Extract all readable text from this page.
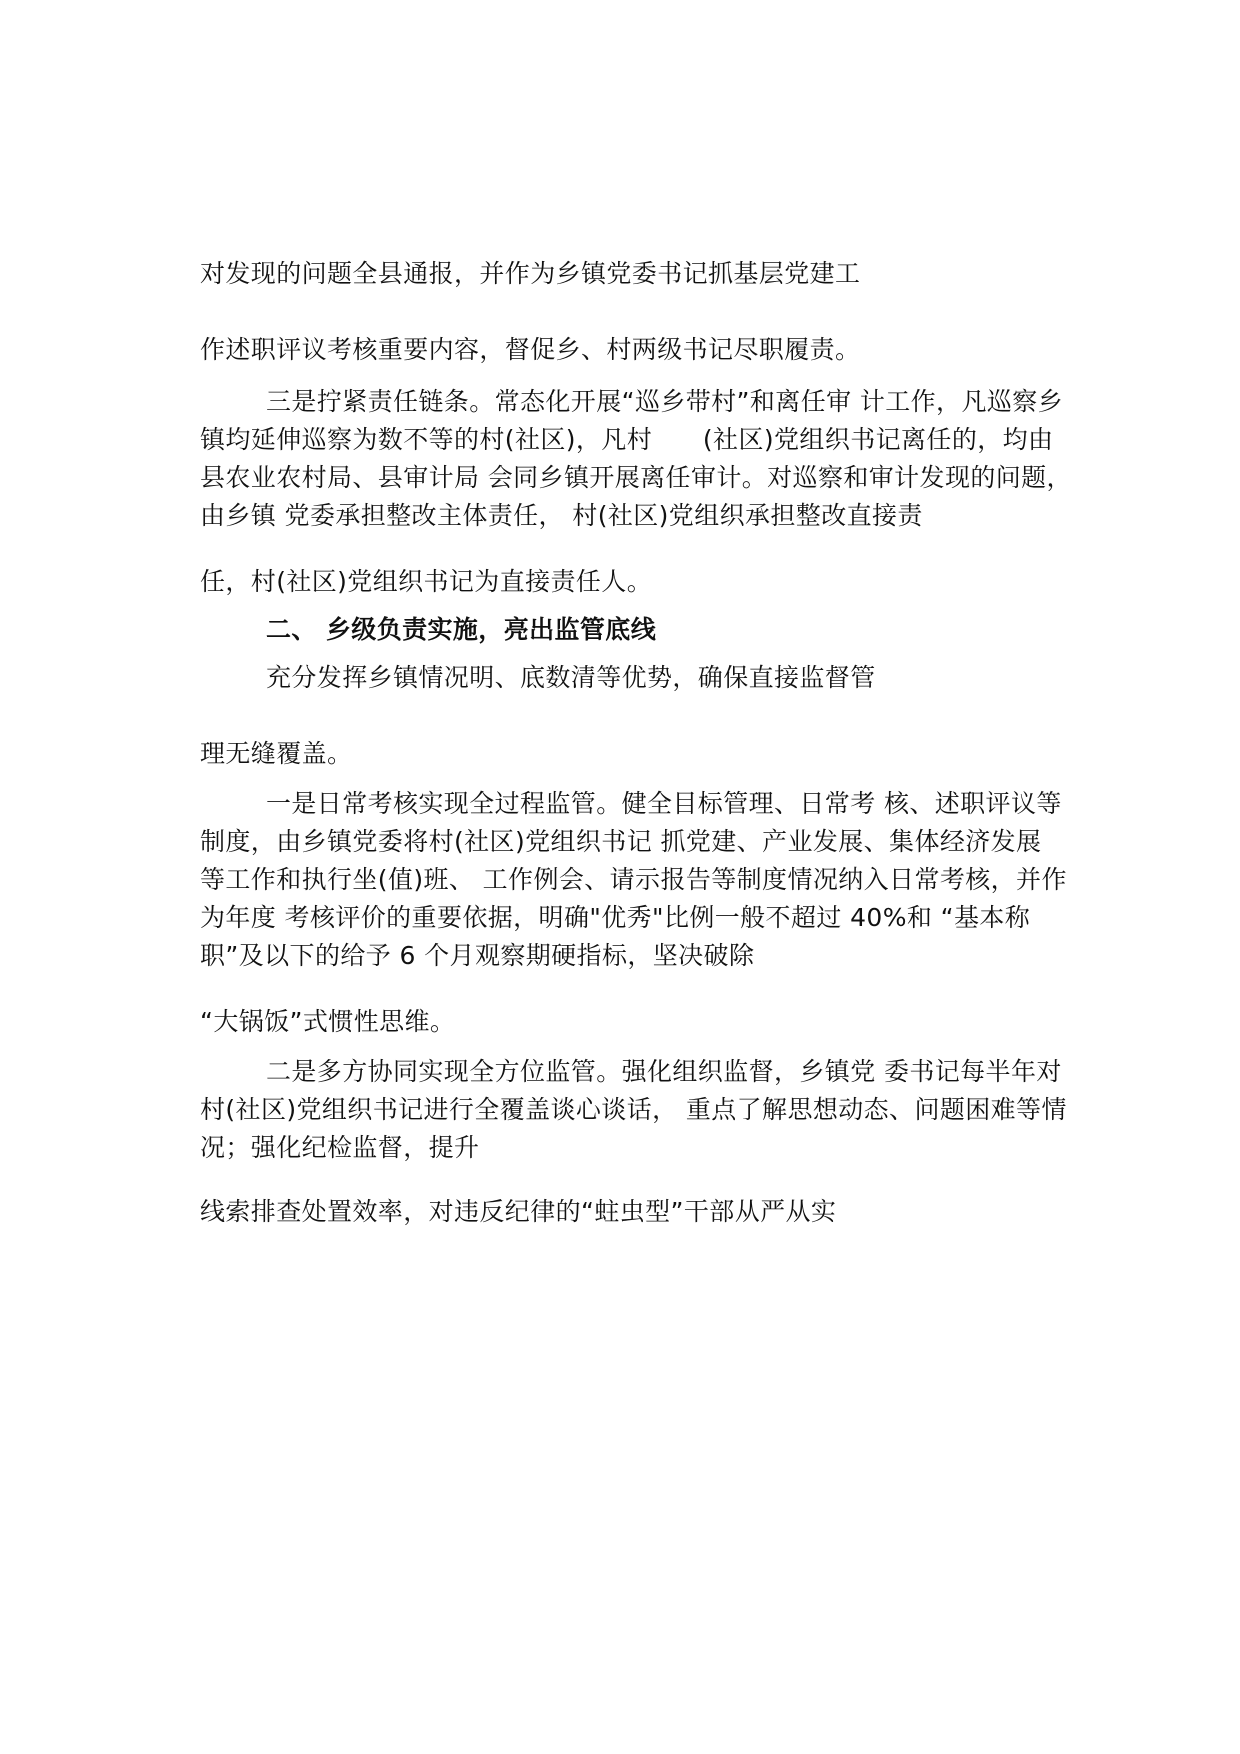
对发现的问题全县通报，并作为乡镇党委书记抓基层党建工

作述职评议考核重要内容，督促乡、村两级书记尽职履责。

三是拧紧责任链条。常态化开展“巡乡带村”和离任审 计工作，凡巡察乡

镇均延伸巡察为数不等的村(社区)，凡村　　(社区)党组织书记离任的，均由

县农业农村局、县审计局 会同乡镇开展离任审计。对巡察和审计发现的问题，

由乡镇 党委承担整改主体责任， 村(社区)党组织承担整改直接责

任，村(社区)党组织书记为直接责任人。

二、 乡级负责实施，亮出监管底线

充分发挥乡镇情况明、底数清等优势，确保直接监督管

理无缝覆盖。

一是日常考核实现全过程监管。健全目标管理、日常考 核、述职评议等

制度，由乡镇党委将村(社区)党组织书记 抓党建、产业发展、集体经济发展

等工作和执行坐(值)班、 工作例会、请示报告等制度情况纳入日常考核，并作

为年度 考核评价的重要依据，明确"优秀"比例一般不超过 40%和 “基本称

职”及以下的给予 6 个月观察期硬指标，坚决破除

“大锅饭”式惯性思维。

二是多方协同实现全方位监管。强化组织监督，乡镇党 委书记每半年对

村(社区)党组织书记进行全覆盖谈心谈话， 重点了解思想动态、问题困难等情

况；强化纪检监督，提升

线索排查处置效率，对违反纪律的“蛀虫型”干部从严从实
